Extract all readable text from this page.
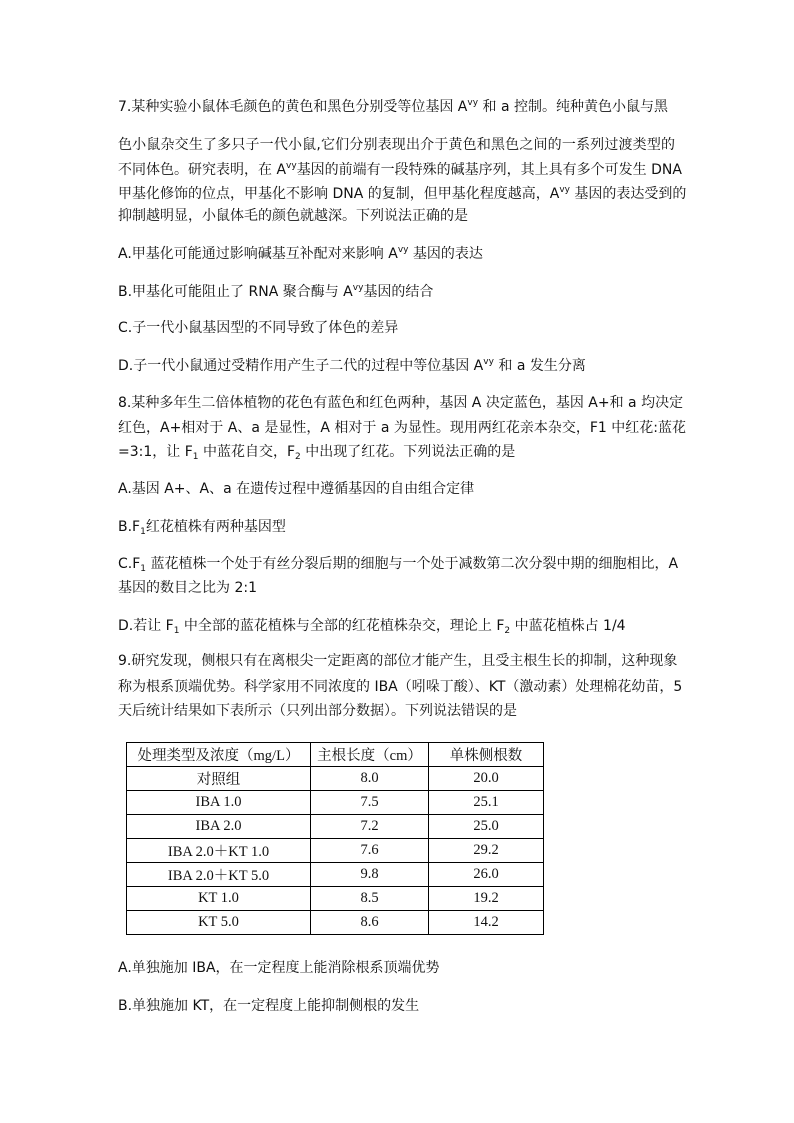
7.某种实验小鼠体毛颜色的黄色和黑色分别受等位基因 $A^{vy}$ 和 a 控制。纯种黄色小鼠与黑
色小鼠杂交生了多只子一代小鼠,它们分别表现出介于黄色和黑色之间的一系列过渡类型的
不同体色。研究表明，在 $A^{vy}$基因的前端有一段特殊的碱基序列，其上具有多个可发生 DNA
甲基化修饰的位点，甲基化不影响 DNA 的复制，但甲基化程度越高，$A^{vy}$ 基因的表达受到的
抑制越明显，小鼠体毛的颜色就越深。下列说法正确的是
A.甲基化可能通过影响碱基互补配对来影响 $A^{vy}$ 基因的表达
B.甲基化可能阻止了 RNA 聚合酶与 $A^{vy}$基因的结合
C.子一代小鼠基因型的不同导致了体色的差异
D.子一代小鼠通过受精作用产生子二代的过程中等位基因 $A^{vy}$ 和 a 发生分离
8.某种多年生二倍体植物的花色有蓝色和红色两种，基因 A 决定蓝色，基因 A+和 a 均决定
红色，A+相对于 A、a 是显性，A 相对于 a 为显性。现用两红花亲本杂交，F1 中红花:蓝花
=3:1，让 $F_1$ 中蓝花自交，$F_2$ 中出现了红花。下列说法正确的是
A.基因 A+、A、a 在遗传过程中遵循基因的自由组合定律
$B.F_1$红花植株有两种基因型
$C.F_1$ 蓝花植株一个处于有丝分裂后期的细胞与一个处于减数第二次分裂中期的细胞相比，A
基因的数目之比为 2:1
D.若让 $F_1$ 中全部的蓝花植株与全部的红花植株杂交，理论上 $F_2$ 中蓝花植株占 1/4
9.研究发现，侧根只有在离根尖一定距离的部位才能产生，且受主根生长的抑制，这种现象
称为根系顶端优势。科学家用不同浓度的 IBA（吲哚丁酸）、KT（激动素）处理棉花幼苗，5
天后统计结果如下表所示（只列出部分数据）。下列说法错误的是
处理类型及浓度（mg/L）	主根长度（cm）	单株侧根数
对照组	8.0	20.0
IBA 1.0	7.5	25.1
IBA 2.0	7.2	25.0
IBA 2.0＋KT 1.0	7.6	29.2
IBA 2.0＋KT 5.0	9.8	26.0
KT 1.0	8.5	19.2
KT 5.0	8.6	14.2
A.单独施加 IBA，在一定程度上能消除根系顶端优势
B.单独施加 KT，在一定程度上能抑制侧根的发生
